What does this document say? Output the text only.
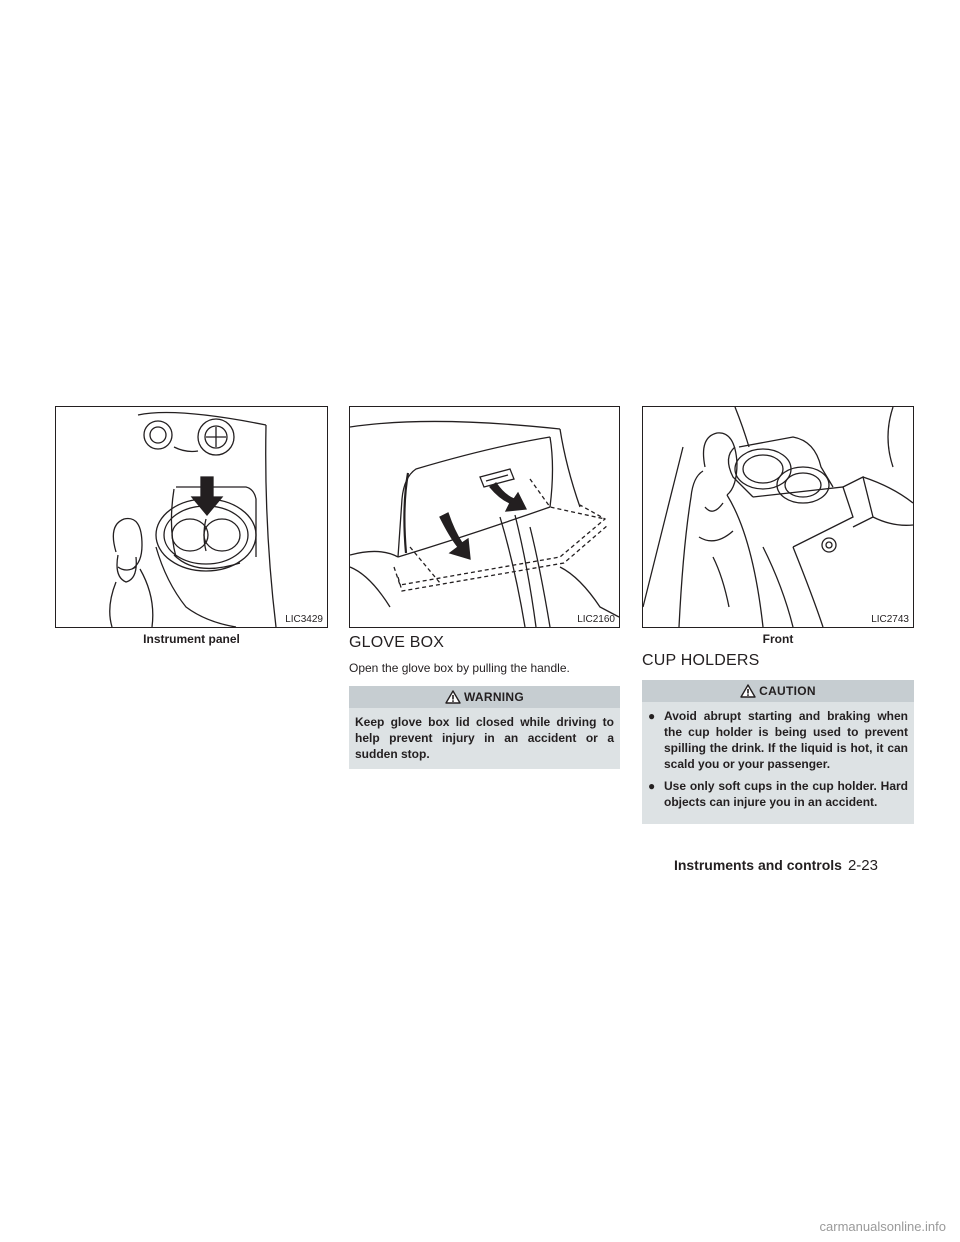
LIC3429	LIC2160	LIC2743
Instrument panel	Front
GLOVE BOX
Open the glove box by pulling the handle.
WARNING
Keep glove box lid closed while driving to help prevent injury in an accident or a sudden stop.
CUP HOLDERS
CAUTION
● Avoid abrupt starting and braking when the cup holder is being used to prevent spilling the drink. If the liquid is hot, it can scald you or your passenger.
● Use only soft cups in the cup holder. Hard objects can injure you in an accident.
Instruments and controls 2-23
carmanualsonline.info
